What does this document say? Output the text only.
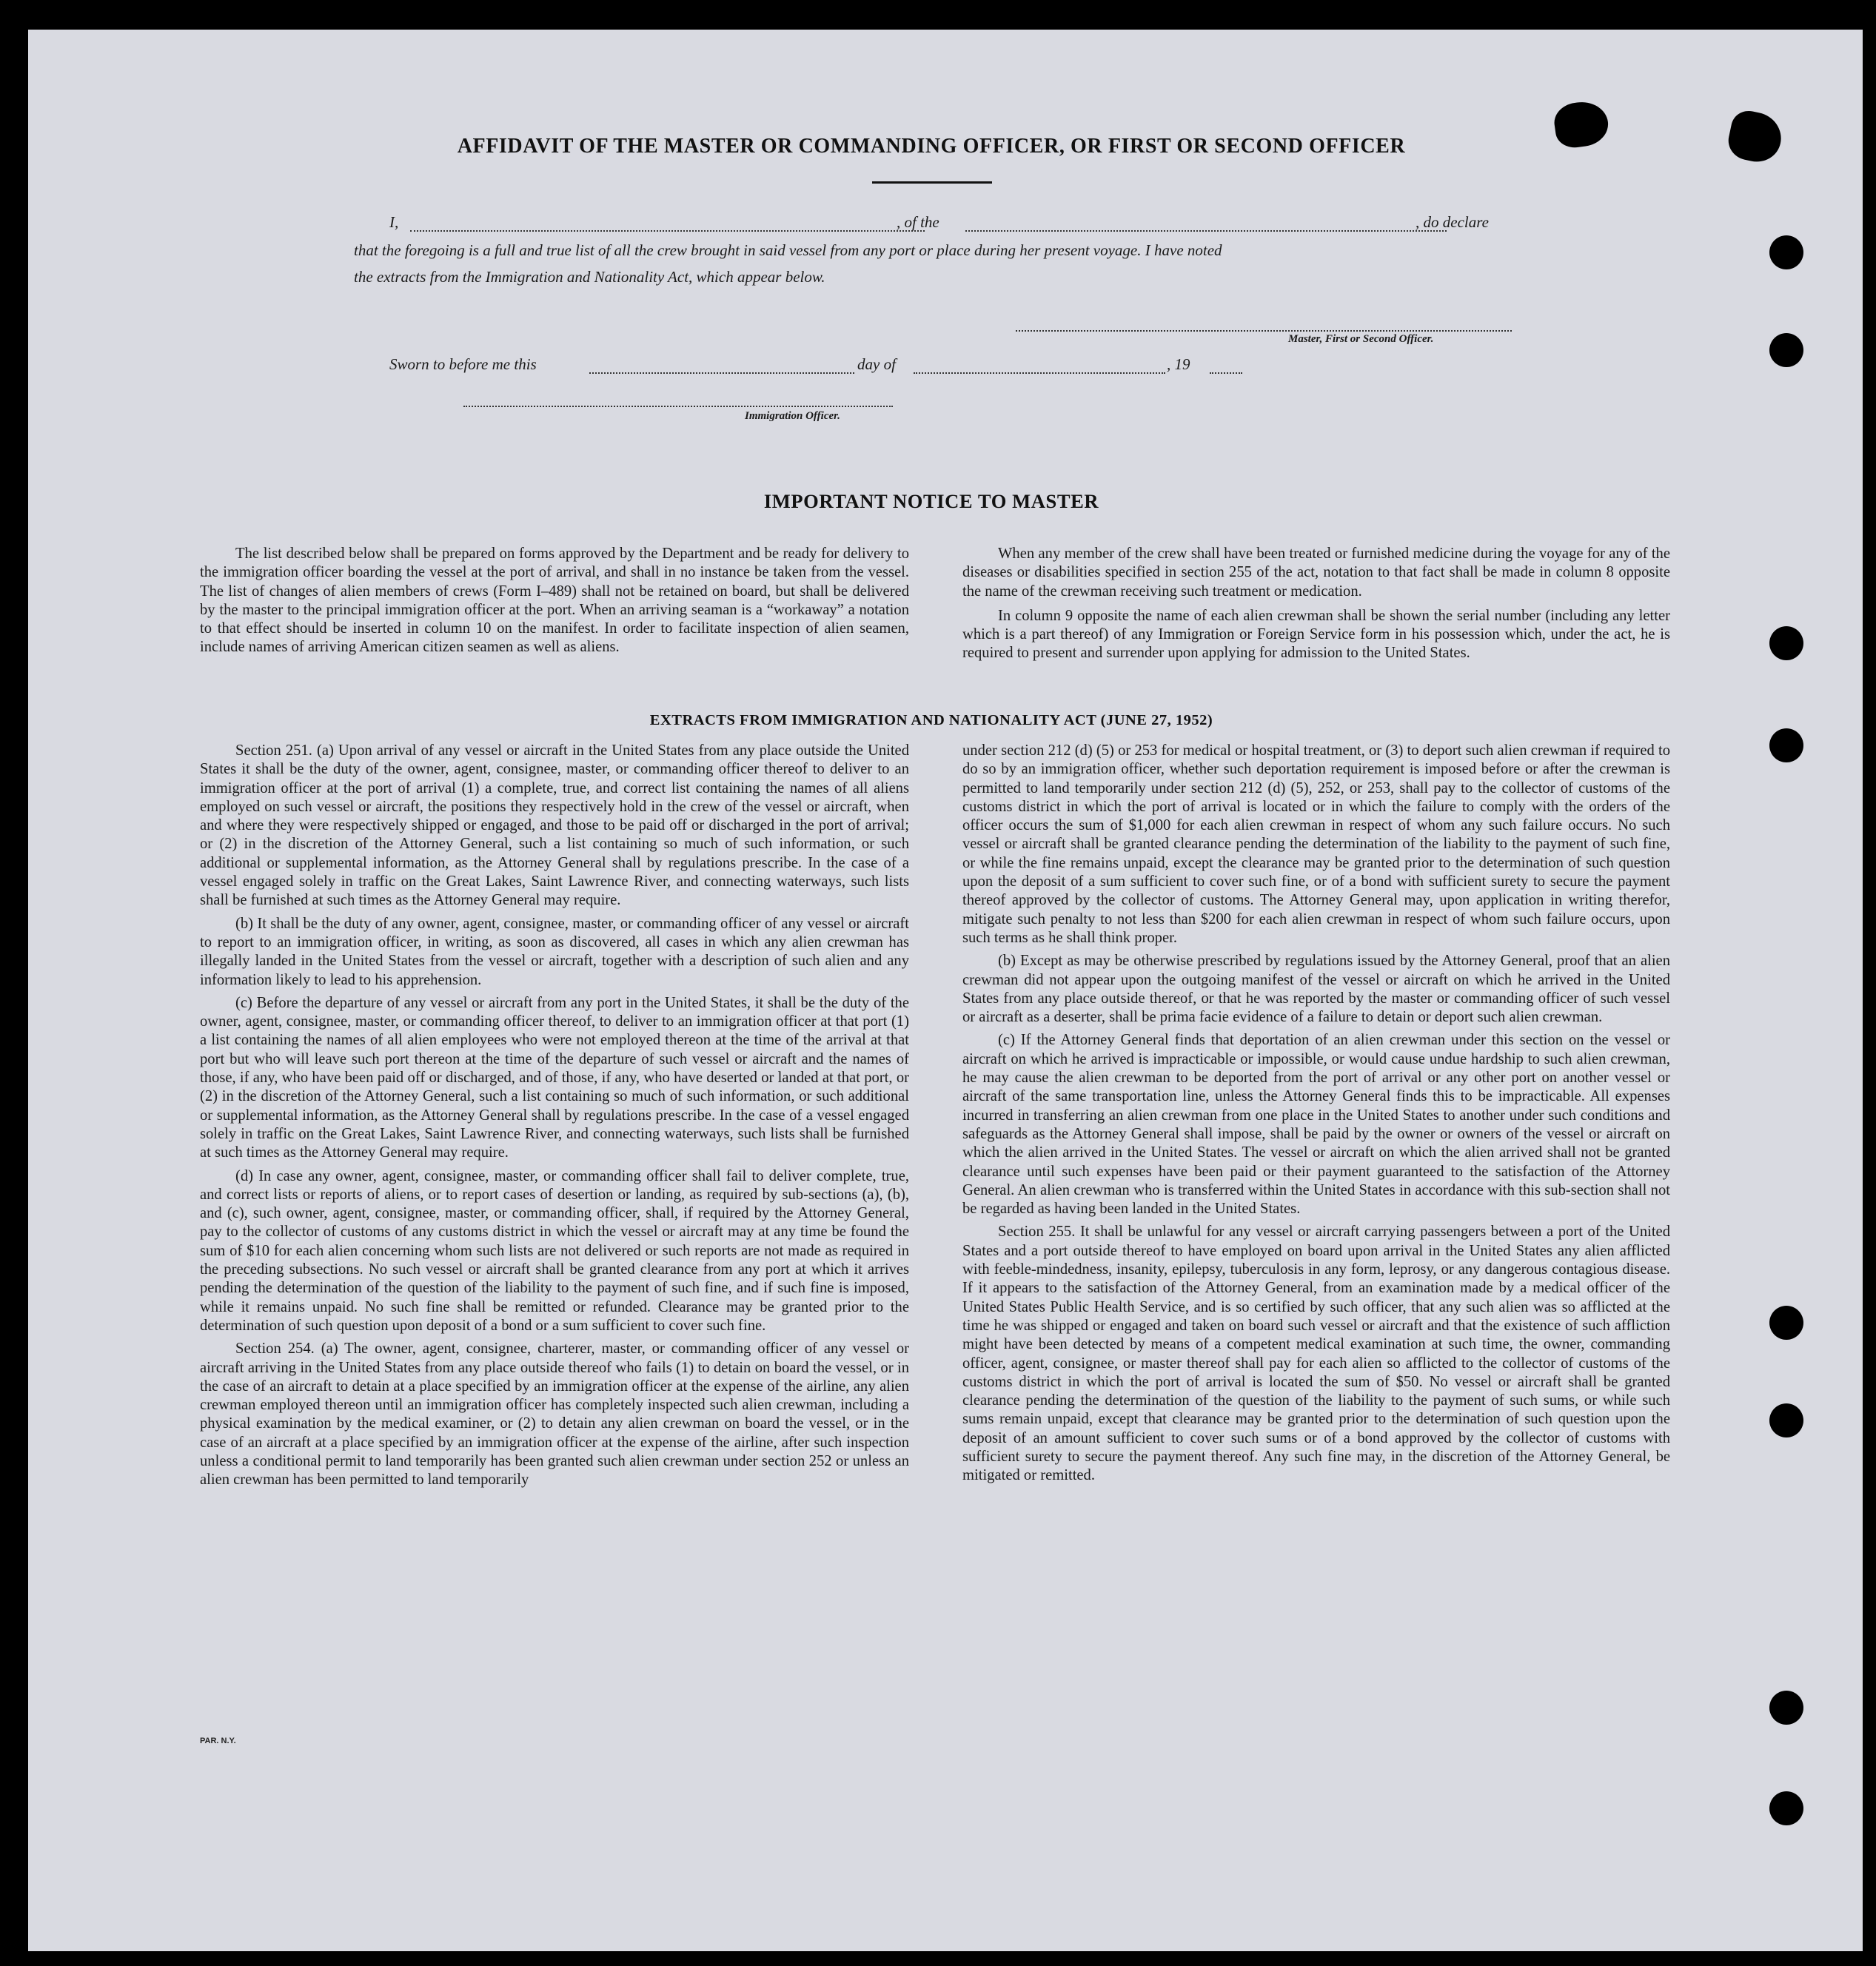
AFFIDAVIT OF THE MASTER OR COMMANDING OFFICER, OR FIRST OR SECOND OFFICER
I,	, of the	, do declare
that the foregoing is a full and true list of all the crew brought in said vessel from any port or place during her present voyage. I have noted
the extracts from the Immigration and Nationality Act, which appear below.
Master, First or Second Officer.
Sworn to before me this	day of	, 19
Immigration Officer.
IMPORTANT NOTICE TO MASTER

The list described below shall be prepared on forms approved by the Department and be ready for delivery to the immigration officer boarding the vessel at the port of arrival, and shall in no instance be taken from the vessel. The list of changes of alien members of crews (Form I–489) shall not be retained on board, but shall be delivered by the master to the principal immigration officer at the port. When an arriving seaman is a “workaway” a notation to that effect should be inserted in column 10 on the manifest. In order to facilitate inspection of alien seamen, include names of arriving American citizen seamen as well as aliens.

When any member of the crew shall have been treated or furnished medicine during the voyage for any of the diseases or disabilities specified in section 255 of the act, notation to that fact shall be made in column 8 opposite the name of the crewman receiving such treatment or medication.

In column 9 opposite the name of each alien crewman shall be shown the serial number (including any letter which is a part thereof) of any Immigration or Foreign Service form in his possession which, under the act, he is required to present and surrender upon applying for admission to the United States.

EXTRACTS FROM IMMIGRATION AND NATIONALITY ACT (JUNE 27, 1952)

Section 251. (a) Upon arrival of any vessel or aircraft in the United States from any place outside the United States it shall be the duty of the owner, agent, consignee, master, or commanding officer thereof to deliver to an immigration officer at the port of arrival (1) a complete, true, and correct list containing the names of all aliens employed on such vessel or aircraft, the positions they respectively hold in the crew of the vessel or aircraft, when and where they were respectively shipped or engaged, and those to be paid off or discharged in the port of arrival; or (2) in the discretion of the Attorney General, such a list containing so much of such information, or such additional or supplemental information, as the Attorney General shall by regulations prescribe. In the case of a vessel engaged solely in traffic on the Great Lakes, Saint Lawrence River, and connecting waterways, such lists shall be furnished at such times as the Attorney General may require.

(b) It shall be the duty of any owner, agent, consignee, master, or commanding officer of any vessel or aircraft to report to an immigration officer, in writing, as soon as discovered, all cases in which any alien crewman has illegally landed in the United States from the vessel or aircraft, together with a description of such alien and any information likely to lead to his apprehension.

(c) Before the departure of any vessel or aircraft from any port in the United States, it shall be the duty of the owner, agent, consignee, master, or commanding officer thereof, to deliver to an immigration officer at that port (1) a list containing the names of all alien employees who were not employed thereon at the time of the arrival at that port but who will leave such port thereon at the time of the departure of such vessel or aircraft and the names of those, if any, who have been paid off or discharged, and of those, if any, who have deserted or landed at that port, or (2) in the discretion of the Attorney General, such a list containing so much of such information, or such additional or supplemental information, as the Attorney General shall by regulations prescribe. In the case of a vessel engaged solely in traffic on the Great Lakes, Saint Lawrence River, and connecting waterways, such lists shall be furnished at such times as the Attorney General may require.

(d) In case any owner, agent, consignee, master, or commanding officer shall fail to deliver complete, true, and correct lists or reports of aliens, or to report cases of desertion or landing, as required by sub-sections (a), (b), and (c), such owner, agent, consignee, master, or commanding officer, shall, if required by the Attorney General, pay to the collector of customs of any customs district in which the vessel or aircraft may at any time be found the sum of $10 for each alien concerning whom such lists are not delivered or such reports are not made as required in the preceding subsections. No such vessel or aircraft shall be granted clearance from any port at which it arrives pending the determination of the question of the liability to the payment of such fine, and if such fine is imposed, while it remains unpaid. No such fine shall be remitted or refunded. Clearance may be granted prior to the determination of such question upon deposit of a bond or a sum sufficient to cover such fine.

Section 254. (a) The owner, agent, consignee, charterer, master, or commanding officer of any vessel or aircraft arriving in the United States from any place outside thereof who fails (1) to detain on board the vessel, or in the case of an aircraft to detain at a place specified by an immigration officer at the expense of the airline, any alien crewman employed thereon until an immigration officer has completely inspected such alien crewman, including a physical examination by the medical examiner, or (2) to detain any alien crewman on board the vessel, or in the case of an aircraft at a place specified by an immigration officer at the expense of the airline, after such inspection unless a conditional permit to land temporarily has been granted such alien crewman under section 252 or unless an alien crewman has been permitted to land temporarily

under section 212 (d) (5) or 253 for medical or hospital treatment, or (3) to deport such alien crewman if required to do so by an immigration officer, whether such deportation requirement is imposed before or after the crewman is permitted to land temporarily under section 212 (d) (5), 252, or 253, shall pay to the collector of customs of the customs district in which the port of arrival is located or in which the failure to comply with the orders of the officer occurs the sum of $1,000 for each alien crewman in respect of whom any such failure occurs. No such vessel or aircraft shall be granted clearance pending the determination of the liability to the payment of such fine, or while the fine remains unpaid, except the clearance may be granted prior to the determination of such question upon the deposit of a sum sufficient to cover such fine, or of a bond with sufficient surety to secure the payment thereof approved by the collector of customs. The Attorney General may, upon application in writing therefor, mitigate such penalty to not less than $200 for each alien crewman in respect of whom such failure occurs, upon such terms as he shall think proper.

(b) Except as may be otherwise prescribed by regulations issued by the Attorney General, proof that an alien crewman did not appear upon the outgoing manifest of the vessel or aircraft on which he arrived in the United States from any place outside thereof, or that he was reported by the master or commanding officer of such vessel or aircraft as a deserter, shall be prima facie evidence of a failure to detain or deport such alien crewman.

(c) If the Attorney General finds that deportation of an alien crewman under this section on the vessel or aircraft on which he arrived is impracticable or impossible, or would cause undue hardship to such alien crewman, he may cause the alien crewman to be deported from the port of arrival or any other port on another vessel or aircraft of the same transportation line, unless the Attorney General finds this to be impracticable. All expenses incurred in transferring an alien crewman from one place in the United States to another under such conditions and safeguards as the Attorney General shall impose, shall be paid by the owner or owners of the vessel or aircraft on which the alien arrived in the United States. The vessel or aircraft on which the alien arrived shall not be granted clearance until such expenses have been paid or their payment guaranteed to the satisfaction of the Attorney General. An alien crewman who is transferred within the United States in accordance with this sub-section shall not be regarded as having been landed in the United States.

Section 255. It shall be unlawful for any vessel or aircraft carrying passengers between a port of the United States and a port outside thereof to have employed on board upon arrival in the United States any alien afflicted with feeble-mindedness, insanity, epilepsy, tuberculosis in any form, leprosy, or any dangerous contagious disease. If it appears to the satisfaction of the Attorney General, from an examination made by a medical officer of the United States Public Health Service, and is so certified by such officer, that any such alien was so afflicted at the time he was shipped or engaged and taken on board such vessel or aircraft and that the existence of such affliction might have been detected by means of a competent medical examination at such time, the owner, commanding officer, agent, consignee, or master thereof shall pay for each alien so afflicted to the collector of customs of the customs district in which the port of arrival is located the sum of $50. No vessel or aircraft shall be granted clearance pending the determination of the question of the liability to the payment of such sums, or while such sums remain unpaid, except that clearance may be granted prior to the determination of such question upon the deposit of an amount sufficient to cover such sums or of a bond approved by the collector of customs with sufficient surety to secure the payment thereof. Any such fine may, in the discretion of the Attorney General, be mitigated or remitted.

PAR. N.Y.
